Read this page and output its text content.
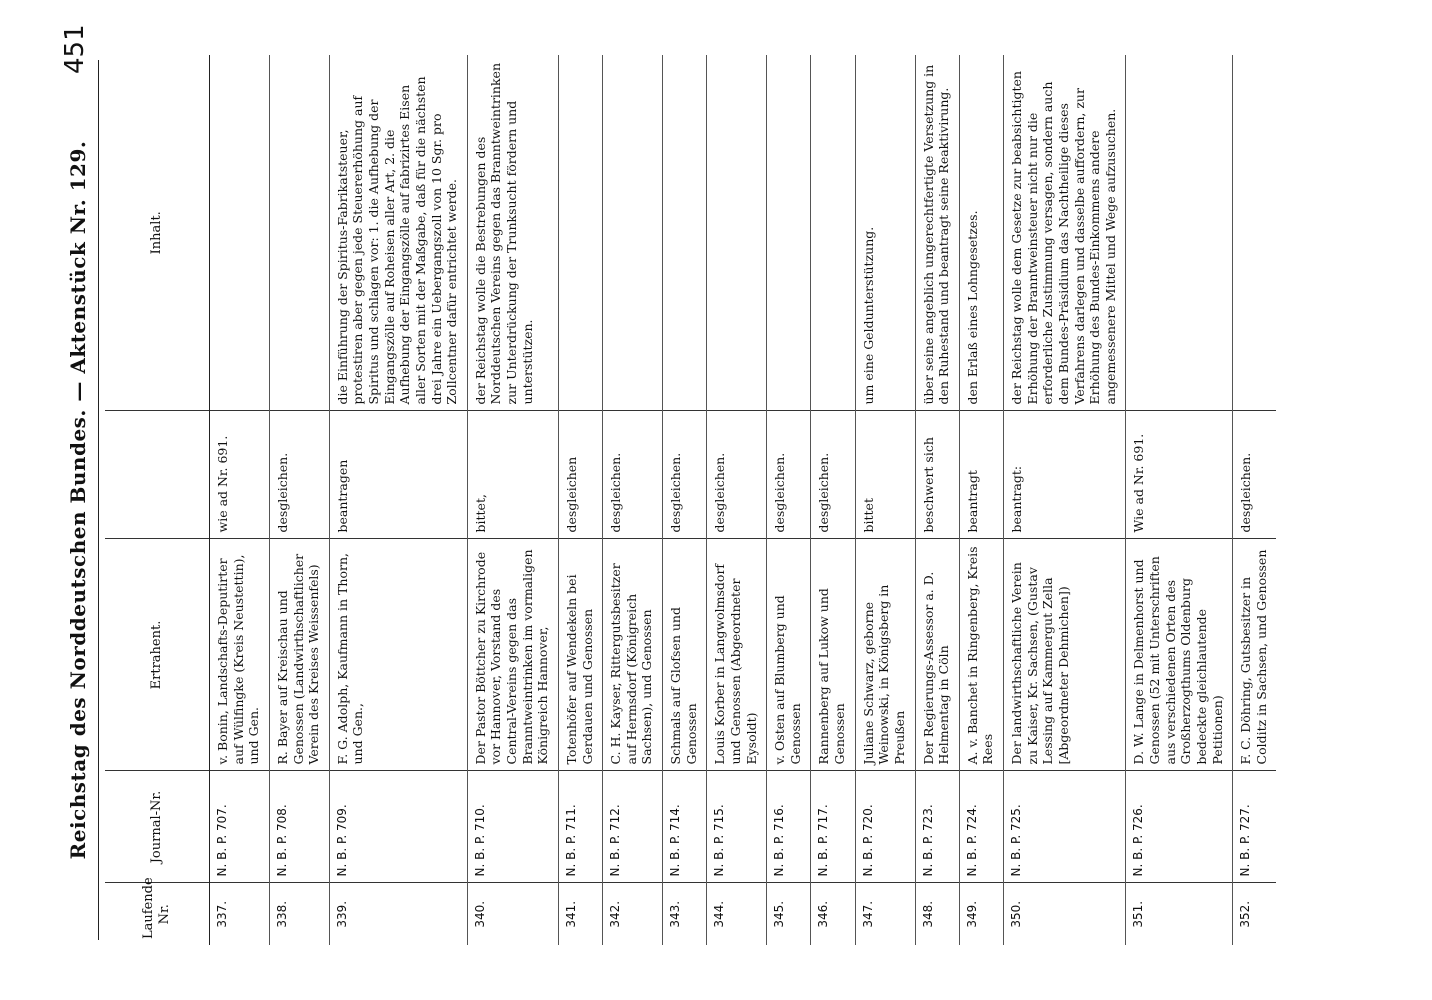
Reichstag des Norddeutschen Bundes. — Aktenstück Nr. 129.
451
Laufende Nr.	Journal-Nr.	Ertrahent.		Inhalt.
337.	N. B. P. 707.	v. Bonin, Landschafts-Deputirter auf Wülfingke (Kreis Neustettin), und Gen.	wie ad Nr. 691.	
338.	N. B. P. 708.	R. Bayer auf Kreischau und Genossen (Landwirthschaftlicher Verein des Kreises Weissenfels)	desgleichen.	
339.	N. B. P. 709.	F. G. Adolph, Kaufmann in Thorn, und Gen.,	beantragen	die Einführung der Spiritus-Fabrikatsteuer, protestiren aber gegen jede Steuererhöhung auf Spiritus und schlagen vor: 1. die Aufhebung der Eingangszölle auf Roheisen aller Art, 2. die Aufhebung der Eingangszölle auf fabrizirtes Eisen aller Sorten mit der Maßgabe, daß für die nächsten drei Jahre ein Uebergangszoll von 10 Sgr. pro Zollcentner dafür entrichtet werde.
340.	N. B. P. 710.	Der Pastor Böttcher zu Kirchrode vor Hannover, Vorstand des Central-Vereins gegen das Branntweintrinken im vormaligen Königreich Hannover,	bittet,	der Reichstag wolle die Bestrebungen des Norddeutschen Vereins gegen das Branntweintrinken zur Unterdrückung der Trunksucht fördern und unterstützen.
341.	N. B. P. 711.	Totenhöfer auf Wendekeln bei Gerdauen und Genossen	desgleichen	
342.	N. B. P. 712.	C. H. Kayser, Rittergutsbesitzer auf Hermsdorf (Königreich Sachsen), und Genossen	desgleichen.	
343.	N. B. P. 714.	Schmals auf Glofsen und Genossen	desgleichen.	
344.	N. B. P. 715.	Louis Korber in Langwolmsdorf und Genossen (Abgeordneter Eysoldt)	desgleichen.	
345.	N. B. P. 716.	v. Osten auf Blumberg und Genossen	desgleichen.	
346.	N. B. P. 717.	Rannenberg auf Lukow und Genossen	desgleichen.	
347.	N. B. P. 720.	Juliane Schwarz, geborne Weinowski, in Königsberg in Preußen	bittet	um eine Geldunterstützung.
348.	N. B. P. 723.	Der Regierungs-Assessor a. D. Helmentag in Cöln	beschwert sich	über seine angeblich ungerechtfertigte Versetzung in den Ruhestand und beantragt seine Reaktivirung.
349.	N. B. P. 724.	A. v. Banchet in Ringenberg, Kreis Rees	beantragt	den Erlaß eines Lohngesetzes.
350.	N. B. P. 725.	Der landwirthschaftliche Verein zu Kaiser, Kr. Sachsen, (Gustav Lessing auf Kammergut Zella [Abgeordneter Dehmichen])	beantragt:	der Reichstag wolle dem Gesetze zur beabsichtigten Erhöhung der Branntweinsteuer nicht nur die erforderliche Zustimmung versagen, sondern auch dem Bundes-Präsidium das Nachtheilige dieses Verfahrens darlegen und dasselbe auffordern, zur Erhöhung des Bundes-Einkommens andere angemessenere Mittel und Wege aufzusuchen.
351.	N. B. P. 726.	D. W. Lange in Delmenhorst und Genossen (52 mit Unterschriften aus verschiedenen Orten des Großherzogthums Oldenburg bedeckte gleichlautende Petitionen)	Wie ad Nr. 691.	
352.	N. B. P. 727.	F. C. Döhring, Gutsbesitzer in Colditz in Sachsen, und Genossen	desgleichen.	
